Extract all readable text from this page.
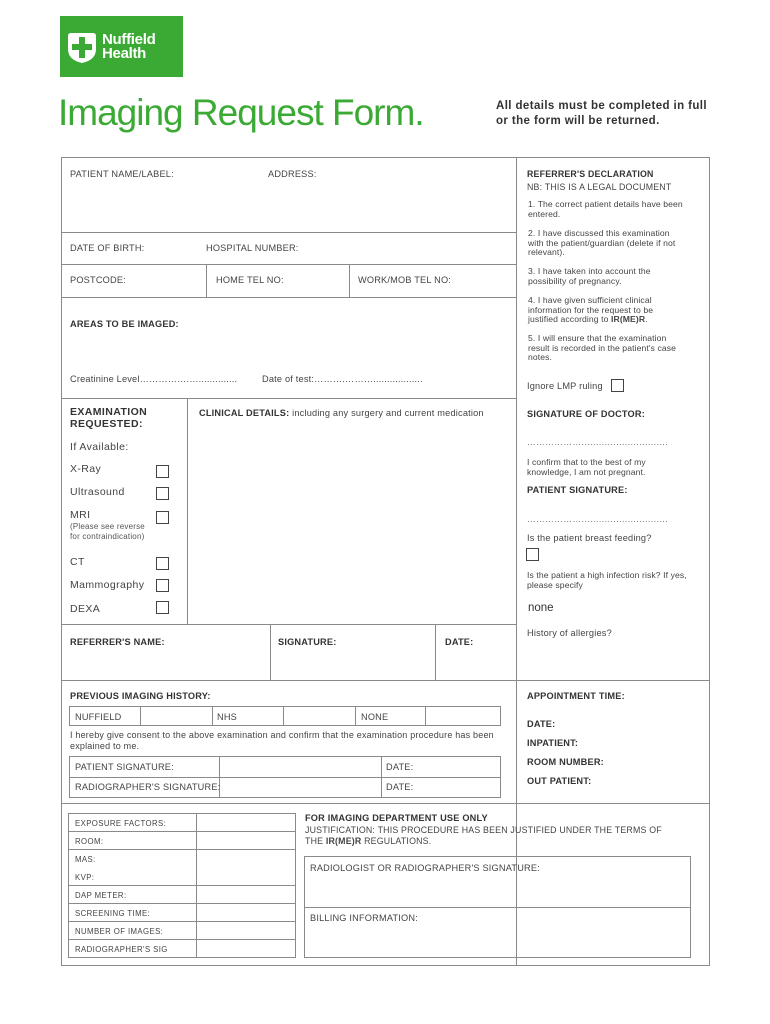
Nuffield
Health
Imaging Request Form.	All details must be completed in full or the form will be returned.
PATIENT NAME/LABEL:	ADDRESS:
DATE OF BIRTH:	HOSPITAL NUMBER:
POSTCODE:	HOME TEL NO:	WORK/MOB TEL NO:
AREAS TO BE IMAGED:
Creatinine Level…………….…..............	Date of test:……….………..................
EXAMINATION
REQUESTED:
CLINICAL DETAILS: including any surgery and current medication
If Available:
X-Ray
Ultrasound
MRI
(Please see reverse for contraindication)
CT
Mammography
DEXA
REFERRER'S NAME:	SIGNATURE:	DATE:
REFERRER'S DECLARATION
NB: THIS IS A LEGAL DOCUMENT
1. The correct patient details have been entered.
2. I have discussed this examination with the patient/guardian (delete if not relevant).
3. I have taken into account the possibility of pregnancy.
4. I have given sufficient clinical information for the request to be justified according to IR(ME)R.
5. I will ensure that the examination result is recorded in the patient's case notes.
Ignore LMP ruling
SIGNATURE OF DOCTOR:
………………..............................
I confirm that to the best of my knowledge, I am not pregnant.
PATIENT SIGNATURE:
………………..............................
Is the patient breast feeding?
Is the patient a high infection risk? If yes, please specify
none
History of allergies?
PREVIOUS IMAGING HISTORY:
NUFFIELD	NHS	NONE
I hereby give consent to the above examination and confirm that the examination procedure has been explained to me.
PATIENT SIGNATURE:	DATE:
RADIOGRAPHER'S SIGNATURE:	DATE:
APPOINTMENT TIME:
DATE:
INPATIENT:
ROOM NUMBER:
OUT PATIENT:
EXPOSURE FACTORS:
ROOM:
MAS:
KVP:
DAP METER:
SCREENING TIME:
NUMBER OF IMAGES:
RADIOGRAPHER'S SIG
FOR IMAGING DEPARTMENT USE ONLY
JUSTIFICATION: THIS PROCEDURE HAS BEEN JUSTIFIED UNDER THE TERMS OF THE IR(ME)R REGULATIONS.
RADIOLOGIST OR RADIOGRAPHER'S SIGNATURE:
BILLING INFORMATION:
